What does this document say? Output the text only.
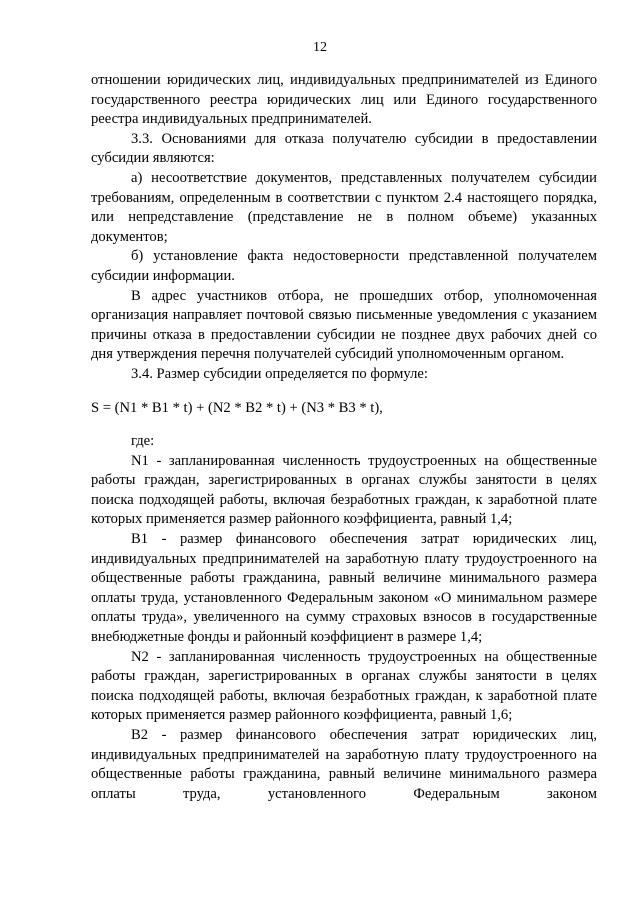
12

отношении юридических лиц, индивидуальных предпринимателей из Единого государственного реестра юридических лиц или Единого государственного реестра индивидуальных предпринимателей.

3.3. Основаниями для отказа получателю субсидии в предоставлении субсидии являются:

а) несоответствие документов, представленных получателем субсидии требованиям, определенным в соответствии с пунктом 2.4 настоящего порядка, или непредставление (представление не в полном объеме) указанных документов;

б) установление факта недостоверности представленной получателем субсидии информации.

В адрес участников отбора, не прошедших отбор, уполномоченная организация направляет почтовой связью письменные уведомления с указанием причины отказа в предоставлении субсидии не позднее двух рабочих дней со дня утверждения перечня получателей субсидий уполномоченным органом.

3.4. Размер субсидии определяется по формуле:

S = (N1 * B1 * t) + (N2 * B2 * t) + (N3 * B3 * t),

где:

N1 - запланированная численность трудоустроенных на общественные работы граждан, зарегистрированных в органах службы занятости в целях поиска подходящей работы, включая безработных граждан, к заработной плате которых применяется размер районного коэффициента, равный 1,4;

B1 - размер финансового обеспечения затрат юридических лиц, индивидуальных предпринимателей на заработную плату трудоустроенного на общественные работы гражданина, равный величине минимального размера оплаты труда, установленного Федеральным законом «О минимальном размере оплаты труда», увеличенного на сумму страховых взносов в государственные внебюджетные фонды и районный коэффициент в размере 1,4;

N2 - запланированная численность трудоустроенных на общественные работы граждан, зарегистрированных в органах службы занятости в целях поиска подходящей работы, включая безработных граждан, к заработной плате которых применяется размер районного коэффициента, равный 1,6;

B2 - размер финансового обеспечения затрат юридических лиц, индивидуальных предпринимателей на заработную плату трудоустроенного на общественные работы гражданина, равный величине минимального размера оплаты труда, установленного Федеральным законом
